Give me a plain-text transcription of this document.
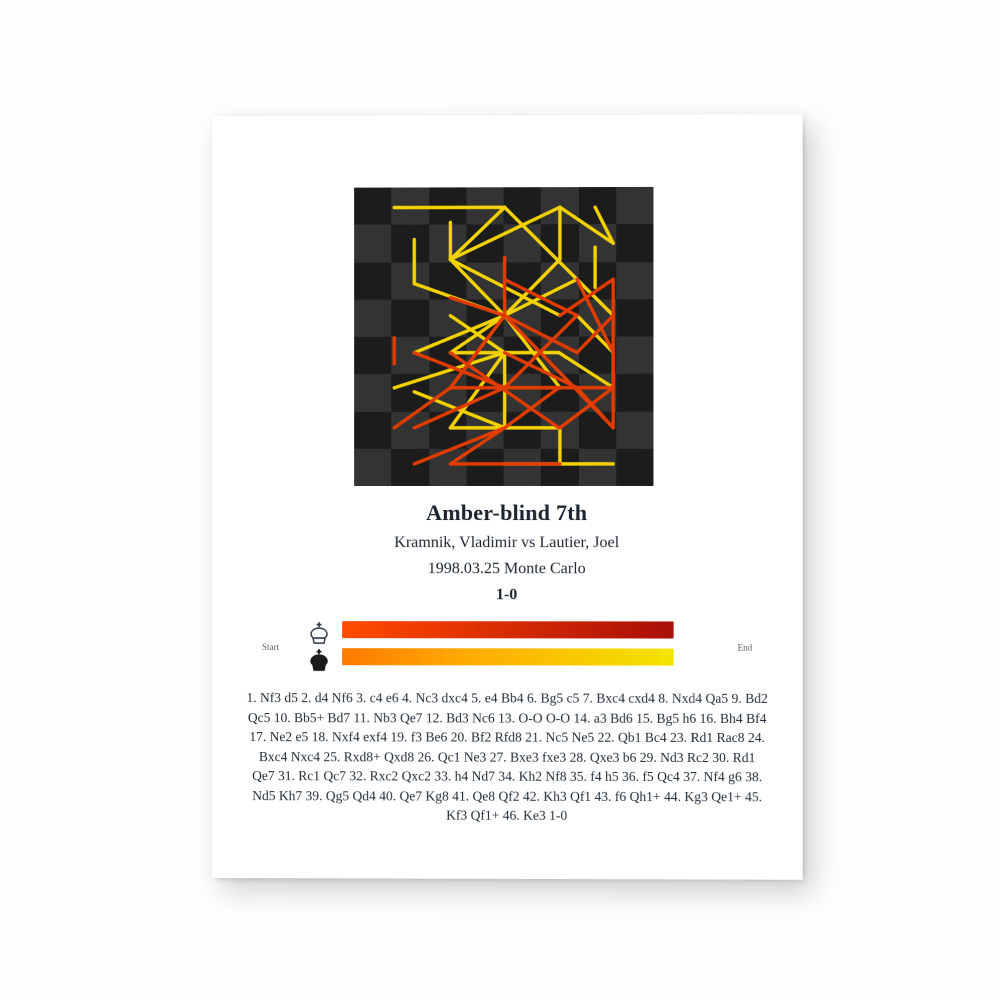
Amber-blind 7th
Kramnik, Vladimir vs Lautier, Joel
1998.03.25 Monte Carlo
1-0
Start	End
1. Nf3 d5 2. d4 Nf6 3. c4 e6 4. Nc3 dxc4 5. e4 Bb4 6. Bg5 c5 7. Bxc4 cxd4 8. Nxd4 Qa5 9. Bd2 Qc5 10. Bb5+ Bd7 11. Nb3 Qe7 12. Bd3 Nc6 13. O-O O-O 14. a3 Bd6 15. Bg5 h6 16. Bh4 Bf4 17. Ne2 e5 18. Nxf4 exf4 19. f3 Be6 20. Bf2 Rfd8 21. Nc5 Ne5 22. Qb1 Bc4 23. Rd1 Rac8 24. Bxc4 Nxc4 25. Rxd8+ Qxd8 26. Qc1 Ne3 27. Bxe3 fxe3 28. Qxe3 b6 29. Nd3 Rc2 30. Rd1 Qe7 31. Rc1 Qc7 32. Rxc2 Qxc2 33. h4 Nd7 34. Kh2 Nf8 35. f4 h5 36. f5 Qc4 37. Nf4 g6 38. Nd5 Kh7 39. Qg5 Qd4 40. Qe7 Kg8 41. Qe8 Qf2 42. Kh3 Qf1 43. f6 Qh1+ 44. Kg3 Qe1+ 45. Kf3 Qf1+ 46. Ke3 1-0
